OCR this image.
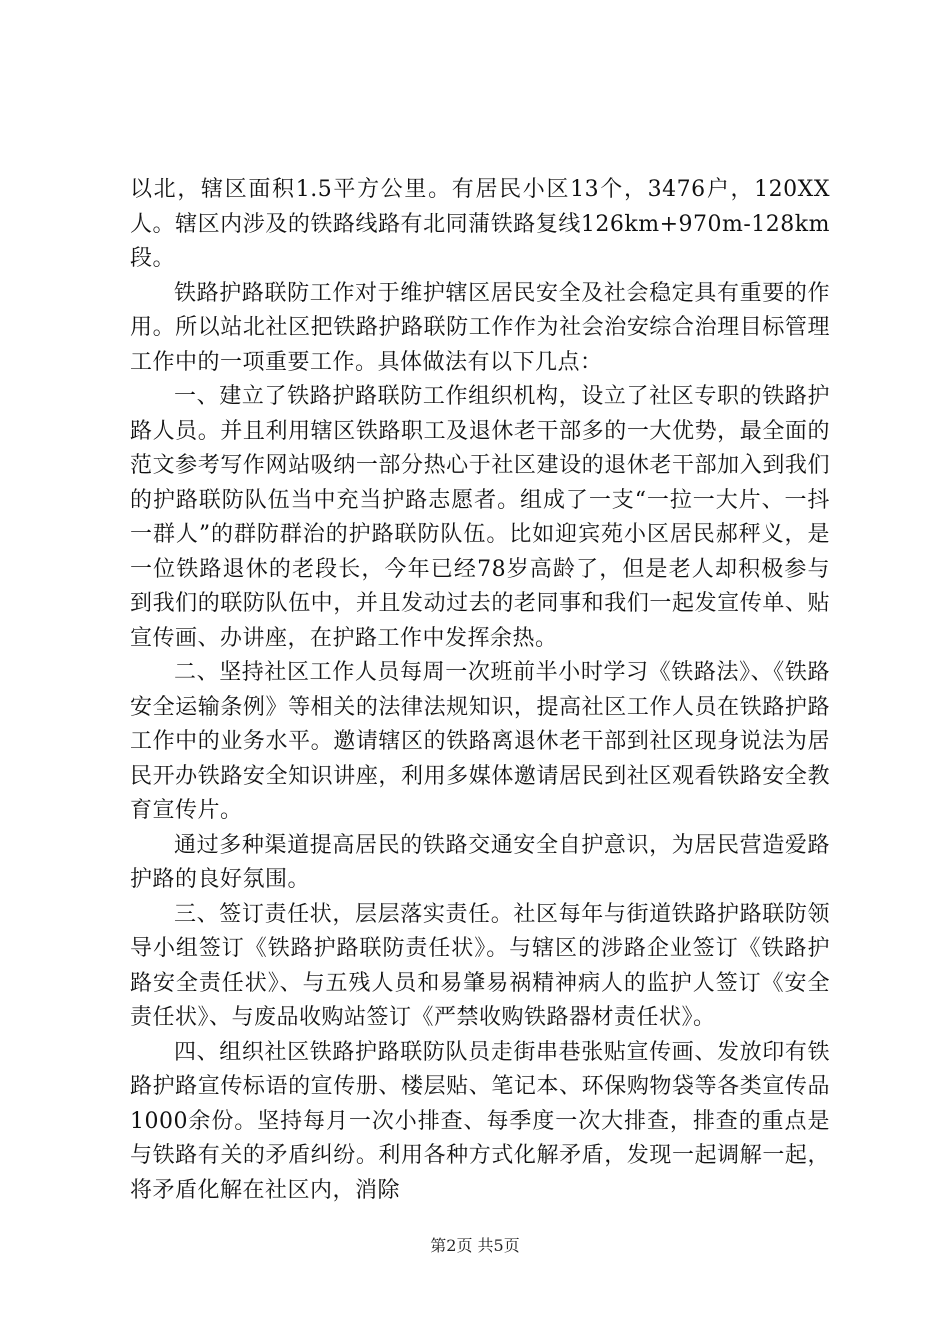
以北，辖区面积1.5平方公里。有居民小区13个，3476户，120XX人。辖区内涉及的铁路线路有北同蒲铁路复线126km+970m-128km段。

铁路护路联防工作对于维护辖区居民安全及社会稳定具有重要的作用。所以站北社区把铁路护路联防工作作为社会治安综合治理目标管理工作中的一项重要工作。具体做法有以下几点：

一、建立了铁路护路联防工作组织机构，设立了社区专职的铁路护路人员。并且利用辖区铁路职工及退休老干部多的一大优势，最全面的范文参考写作网站吸纳一部分热心于社区建设的退休老干部加入到我们的护路联防队伍当中充当护路志愿者。组成了一支“一拉一大片、一抖一群人”的群防群治的护路联防队伍。比如迎宾苑小区居民郝秤义，是一位铁路退休的老段长，今年已经78岁高龄了，但是老人却积极参与到我们的联防队伍中，并且发动过去的老同事和我们一起发宣传单、贴宣传画、办讲座，在护路工作中发挥余热。

二、坚持社区工作人员每周一次班前半小时学习《铁路法》、《铁路安全运输条例》等相关的法律法规知识，提高社区工作人员在铁路护路工作中的业务水平。邀请辖区的铁路离退休老干部到社区现身说法为居民开办铁路安全知识讲座，利用多媒体邀请居民到社区观看铁路安全教育宣传片。

通过多种渠道提高居民的铁路交通安全自护意识，为居民营造爱路护路的良好氛围。

三、签订责任状，层层落实责任。社区每年与街道铁路护路联防领导小组签订《铁路护路联防责任状》。与辖区的涉路企业签订《铁路护路安全责任状》、与五残人员和易肇易祸精神病人的监护人签订《安全责任状》、与废品收购站签订《严禁收购铁路器材责任状》。

四、组织社区铁路护路联防队员走街串巷张贴宣传画、发放印有铁路护路宣传标语的宣传册、楼层贴、笔记本、环保购物袋等各类宣传品1000余份。坚持每月一次小排查、每季度一次大排查，排查的重点是与铁路有关的矛盾纠纷。利用各种方式化解矛盾，发现一起调解一起，将矛盾化解在社区内，消除

第2页 共5页
